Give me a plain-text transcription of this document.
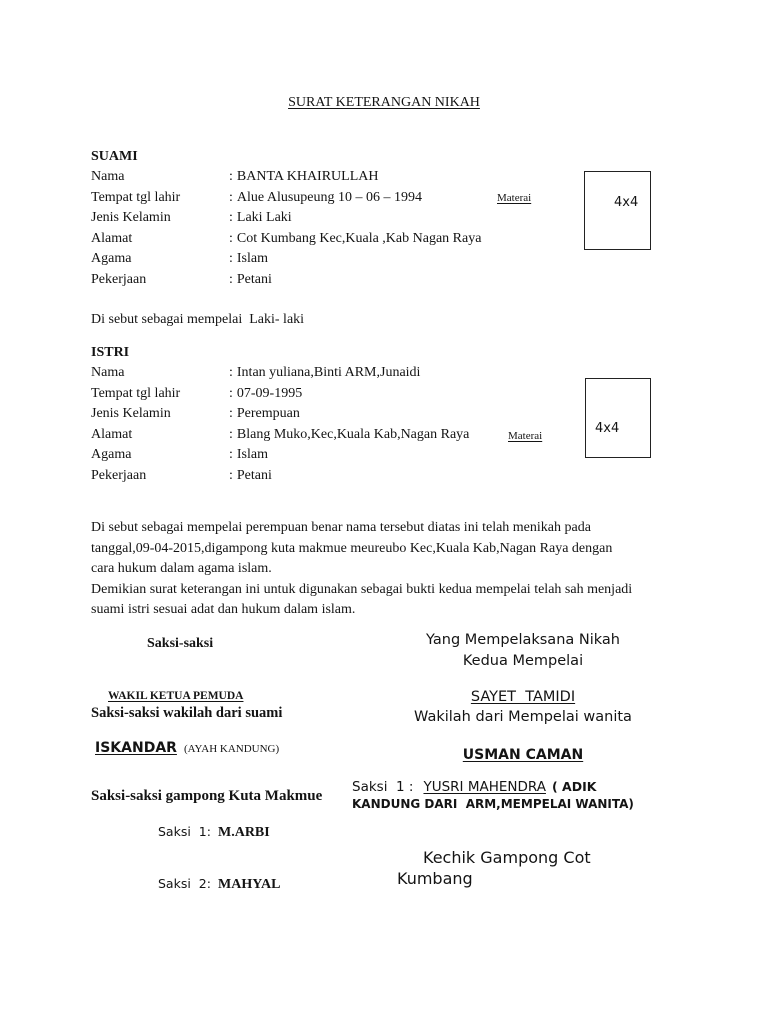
SURAT KETERANGAN NIKAH
SUAMI
Nama	: BANTA KHAIRULLAH
Tempat tgl lahir	: Alue Alusupeung 10 – 06 – 1994
Jenis Kelamin	: Laki Laki
Alamat	: Cot Kumbang Kec,Kuala ,Kab Nagan Raya
Agama	: Islam
Pekerjaan	: Petani
Materai	4x4
Di sebut sebagai mempelai  Laki- laki
ISTRI
Nama	: Intan yuliana,Binti ARM,Junaidi
Tempat tgl lahir	: 07-09-1995
Jenis Kelamin	: Perempuan
Alamat	: Blang Muko,Kec,Kuala Kab,Nagan Raya
Agama	: Islam
Pekerjaan	: Petani
Materai	4x4
Di sebut sebagai mempelai perempuan benar nama tersebut diatas ini telah menikah pada
tanggal,09-04-2015,digampong kuta makmue meureubo Kec,Kuala Kab,Nagan Raya dengan
cara hukum dalam agama islam.
Demikian surat keterangan ini untuk digunakan sebagai bukti kedua mempelai telah sah menjadi
suami istri sesuai adat dan hukum dalam islam.
Saksi-saksi
WAKIL KETUA PEMUDA
Saksi-saksi wakilah dari suami
ISKANDAR (AYAH KANDUNG)
Saksi-saksi gampong Kuta Makmue
Saksi  1: M.ARBI
Saksi  2: MAHYAL
Yang Mempelaksana Nikah
Kedua Mempelai
SAYET  TAMIDI
Wakilah dari Mempelai wanita
USMAN CAMAN
Saksi  1 : YUSRI MAHENDRA ( ADIK
KANDUNG DARI  ARM,MEMPELAI WANITA)
Kechik Gampong Cot
Kumbang
